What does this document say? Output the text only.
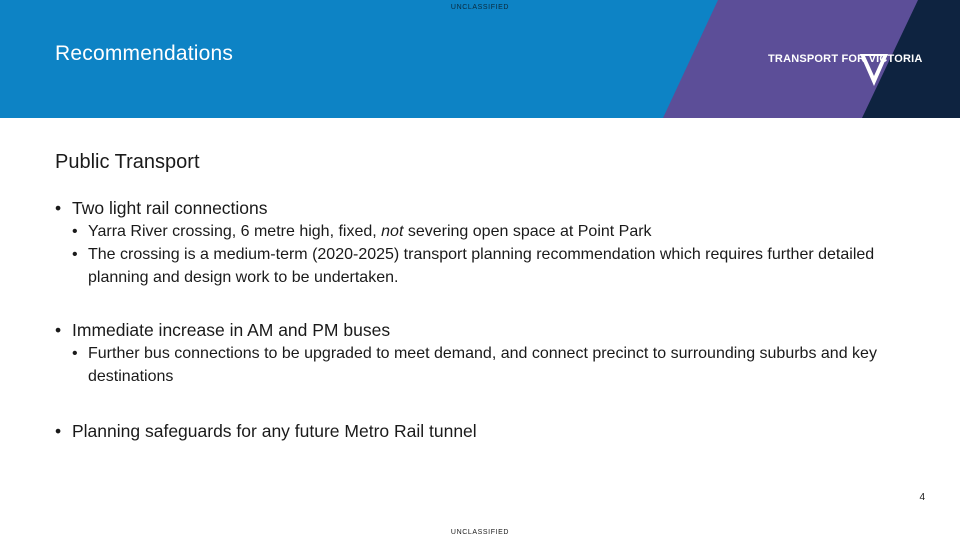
UNCLASSIFIED
Recommendations	TRANSPORT FOR VICTORIA
Public Transport
• Two light rail connections
• Yarra River crossing, 6 metre high, fixed, not severing open space at Point Park
• The crossing is a medium-term (2020-2025) transport planning recommendation which requires further detailed planning and design work to be undertaken.
• Immediate increase in AM and PM buses
• Further bus connections to be upgraded to meet demand, and connect precinct to surrounding suburbs and key destinations
• Planning safeguards for any future Metro Rail tunnel
4
UNCLASSIFIED
